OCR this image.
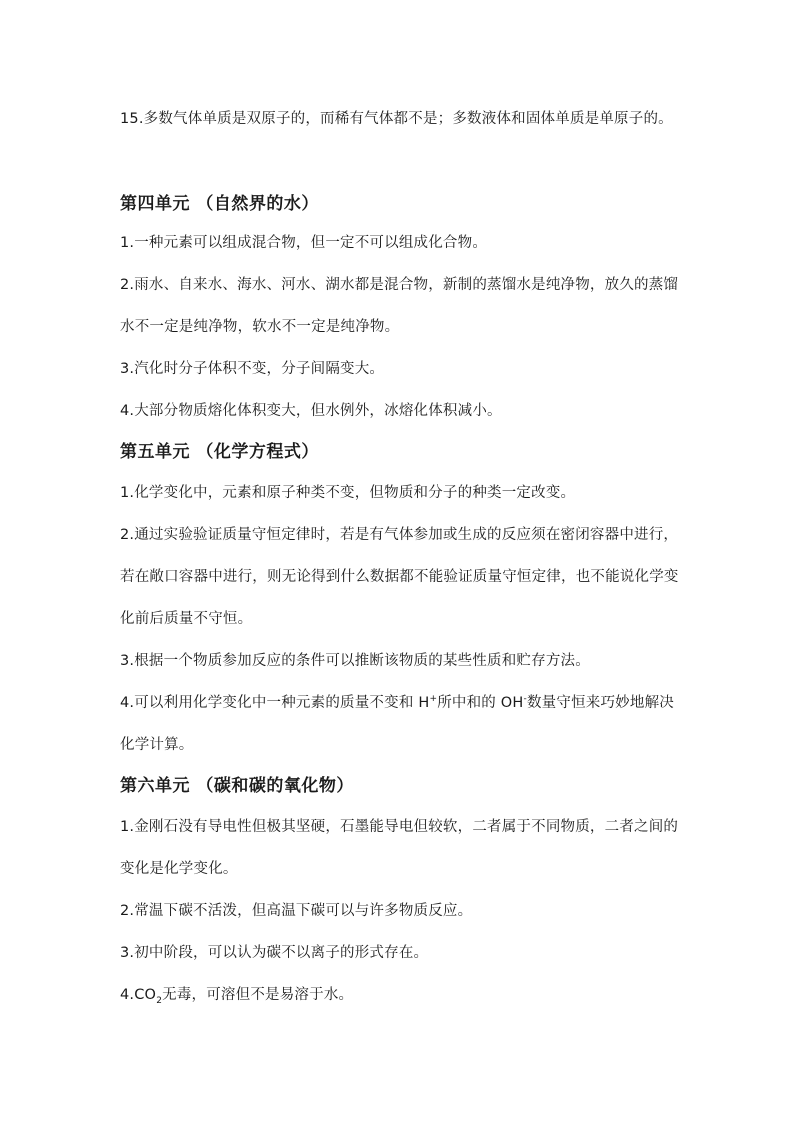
15.多数气体单质是双原子的，而稀有气体都不是；多数液体和固体单质是单原子的。

第四单元 （自然界的水）

1.一种元素可以组成混合物，但一定不可以组成化合物。

2.雨水、自来水、海水、河水、湖水都是混合物，新制的蒸馏水是纯净物，放久的蒸馏水不一定是纯净物，软水不一定是纯净物。

3.汽化时分子体积不变，分子间隔变大。

4.大部分物质熔化体积变大，但水例外，冰熔化体积减小。

第五单元 （化学方程式）

1.化学变化中，元素和原子种类不变，但物质和分子的种类一定改变。

2.通过实验验证质量守恒定律时，若是有气体参加或生成的反应须在密闭容器中进行，若在敞口容器中进行，则无论得到什么数据都不能验证质量守恒定律，也不能说化学变化前后质量不守恒。

3.根据一个物质参加反应的条件可以推断该物质的某些性质和贮存方法。

4.可以利用化学变化中一种元素的质量不变和 H+所中和的 OH-数量守恒来巧妙地解决化学计算。

第六单元 （碳和碳的氧化物）

1.金刚石没有导电性但极其坚硬，石墨能导电但较软，二者属于不同物质，二者之间的变化是化学变化。

2.常温下碳不活泼，但高温下碳可以与许多物质反应。

3.初中阶段，可以认为碳不以离子的形式存在。

$4.CO_2$无毒，可溶但不是易溶于水。
